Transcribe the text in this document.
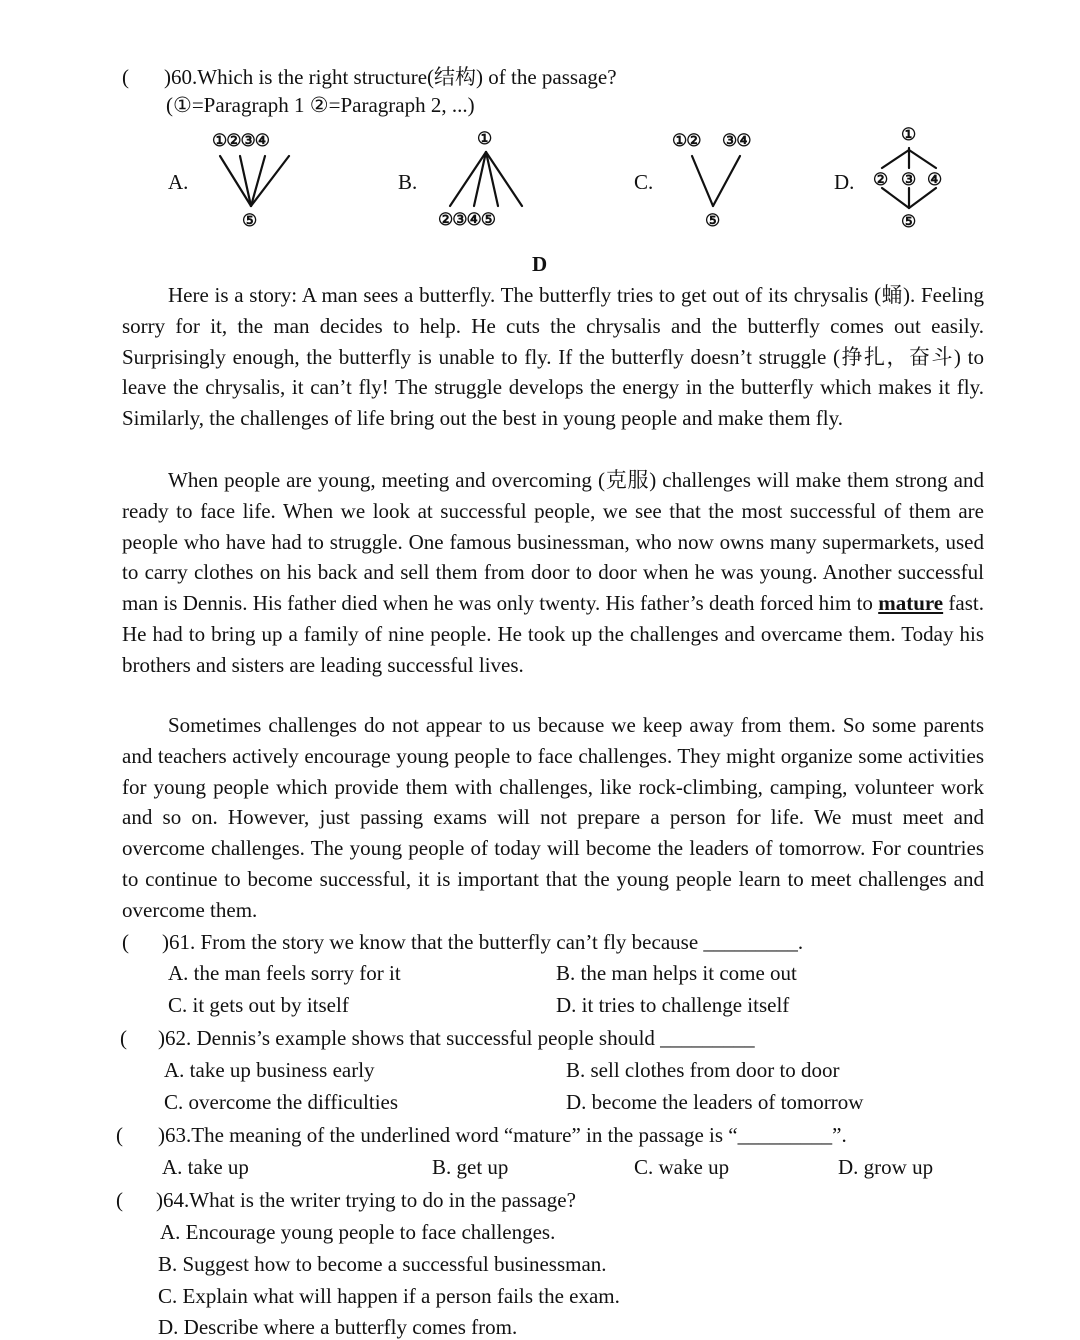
( )60.Which is the right structure(结构) of the passage?
(①=Paragraph 1 ②=Paragraph 2, ...)
A.
①②③④
⑤
B.
①
②③④⑤
C.
①② ③④
⑤
D.
①
② ③ ④
⑤
D
Here is a story: A man sees a butterfly. The butterfly tries to get out of its chrysalis (蛹). Feeling sorry for it, the man decides to help. He cuts the chrysalis and the butterfly comes out easily. Surprisingly enough, the butterfly is unable to fly. If the butterfly doesn’t struggle (挣扎，奋斗) to leave the chrysalis, it can’t fly! The struggle develops the energy in the butterfly which makes it fly. Similarly, the challenges of life bring out the best in young people and make them fly.
When people are young, meeting and overcoming (克服) challenges will make them strong and ready to face life. When we look at successful people, we see that the most successful of them are people who have had to struggle. One famous businessman, who now owns many supermarkets, used to carry clothes on his back and sell them from door to door when he was young. Another successful man is Dennis. His father died when he was only twenty. His father’s death forced him to mature fast. He had to bring up a family of nine people. He took up the challenges and overcame them. Today his brothers and sisters are leading successful lives.
Sometimes challenges do not appear to us because we keep away from them. So some parents and teachers actively encourage young people to face challenges. They might organize some activities for young people which provide them with challenges, like rock-climbing, camping, volunteer work and so on. However, just passing exams will not prepare a person for life. We must meet and overcome challenges. The young people of today will become the leaders of tomorrow. For countries to continue to become successful, it is important that the young people learn to meet challenges and overcome them.
( )61. From the story we know that the butterfly can’t fly because _________.
A. the man feels sorry for it	B. the man helps it come out
C. it gets out by itself	D. it tries to challenge itself
( )62. Dennis’s example shows that successful people should _________
A. take up business early	B. sell clothes from door to door
C. overcome the difficulties	D. become the leaders of tomorrow
( )63.The meaning of the underlined word “mature” in the passage is “_________”.
A. take up	B. get up	C. wake up	D. grow up
( )64.What is the writer trying to do in the passage?
A. Encourage young people to face challenges.
B. Suggest how to become a successful businessman.
C. Explain what will happen if a person fails the exam.
D. Describe where a butterfly comes from.
